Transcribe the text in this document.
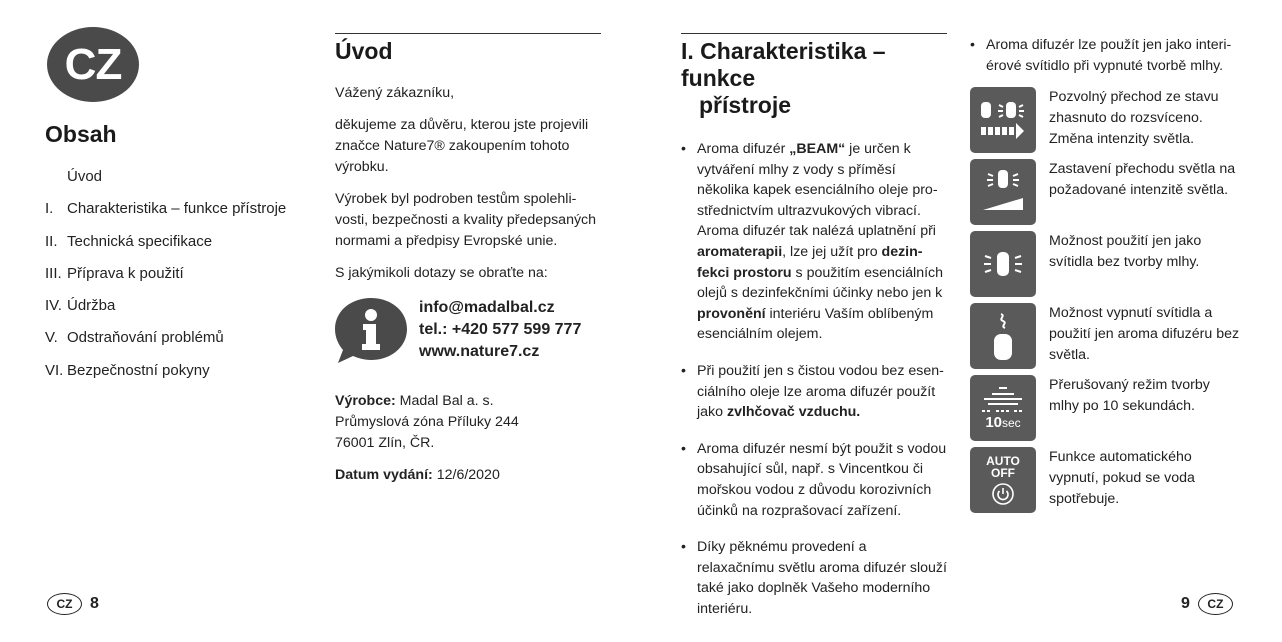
CZ
Obsah
Úvod
I. Charakteristika – funkce přístroje
II. Technická specifikace
III. Příprava k použití
IV. Údržba
V. Odstraňování problémů
VI. Bezpečnostní pokyny
Úvod

Vážený zákazníku,

děkujeme za důvěru, kterou jste projevili značce Nature7® zakoupením tohoto výrobku.

Výrobek byl podroben testům spolehli-vosti, bezpečnosti a kvality předepsaných normami a předpisy Evropské unie.

S jakýmikoli dotazy se obraťte na:

info@madalbal.cz
tel.: +420 577 599 777
www.nature7.cz
Výrobce: Madal Bal a. s.
Průmyslová zóna Příluky 244
76001 Zlín, ČR.
Datum vydání: 12/6/2020
I. Charakteristika – funkce
přístroje
• Aroma difuzér „BEAM“ je určen k vytváření mlhy z vody s příměsí několika kapek esenciálního oleje pro-střednictvím ultrazvukových vibrací. Aroma difuzér tak nalézá uplatnění při aromaterapii, lze jej užít pro dezin-fekci prostoru s použitím esenciálních olejů s dezinfekčními účinky nebo jen k provonění interiéru Vaším oblíbeným esenciálním olejem.
• Při použití jen s čistou vodou bez esen-ciálního oleje lze aroma difuzér použít jako zvlhčovač vzduchu.
• Aroma difuzér nesmí být použit s vodou obsahující sůl, např. s Vincentkou či mořskou vodou z důvodu korozivních účinků na rozprašovací zařízení.
• Díky pěknému provedení a relaxačnímu světlu aroma difuzér slouží také jako doplněk Vašeho moderního interiéru.
• Aroma difuzér lze použít jen jako interi-érové svítidlo při vypnuté tvorbě mlhy.
Pozvolný přechod ze stavu zhasnuto do rozsvíceno. Změna intenzity světla.
Zastavení přechodu světla na požadované intenzitě světla.
Možnost použití jen jako svítidla bez tvorby mlhy.
Možnost vypnutí svítidla a použití jen aroma difuzéru bez světla.
10sec
Přerušovaný režim tvorby mlhy po 10 sekundách.
AUTO
OFF
Funkce automatického vypnutí, pokud se voda spotřebuje.
CZ	8	9	CZ
